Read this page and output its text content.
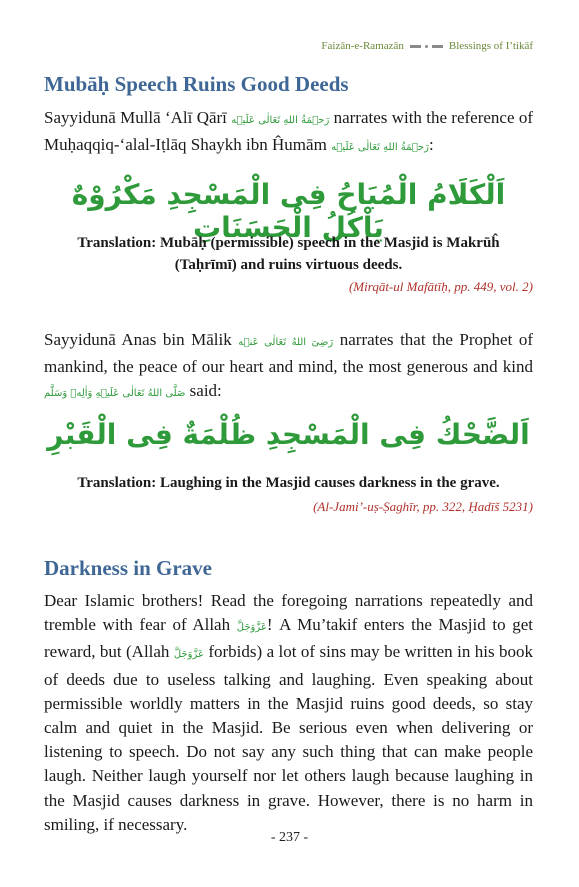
Faizān-e-Ramazān	Blessings of I’tikāf
Mubāḥ Speech Ruins Good Deeds

Sayyidunā Mullā ‘Alī Qārī رَحۡمَةُ اللهِ تَعَالٰی عَلَیۡه narrates with the reference of Muḥaqqiq-‘alal-Iṭlāq Shaykh ibn Ĥumām رَحۡمَةُ اللهِ تَعَالٰی عَلَیۡه:

اَلْكَلَامُ الْمُبَاحُ فِی الْمَسْجِدِ مَكْرُوْهٌ يَاْكُلُ الْحَسَنَاتِ
Translation: Mubāḥ (permissible) speech in the Masjid is Makrūĥ (Taḥrīmī) and ruins virtuous deeds.
(Mirqāt-ul Mafātīḥ, pp. 449, vol. 2)

Sayyidunā Anas bin Mālik رَضِیَ اللهُ تَعَالٰی عَنۡه narrates that the Prophet of mankind, the peace of our heart and mind, the most generous and kind صَلَّی اللهُ تَعَالٰی عَلَیۡهِ وَاٰلِهٖ وَسَلَّم said:

اَلضَّحْكُ فِی الْمَسْجِدِ ظُلْمَةٌ فِی الْقَبْرِ
Translation: Laughing in the Masjid causes darkness in the grave.
(Al-Jami’-uṣ-Ṣaghīr, pp. 322, Ḥadīš 5231)
Darkness in Grave

Dear Islamic brothers! Read the foregoing narrations repeatedly and tremble with fear of Allah عَزَّوَجَلَّ! A Mu’takif enters the Masjid to get reward, but (Allah عَزَّوَجَلَّ forbids) a lot of sins may be written in his book of deeds due to useless talking and laughing. Even speaking about permissible worldly matters in the Masjid ruins good deeds, so stay calm and quiet in the Masjid. Be serious even when delivering or listening to speech. Do not say any such thing that can make people laugh. Neither laugh yourself nor let others laugh because laughing in the Masjid causes darkness in grave. However, there is no harm in smiling, if necessary.

- 237 -
